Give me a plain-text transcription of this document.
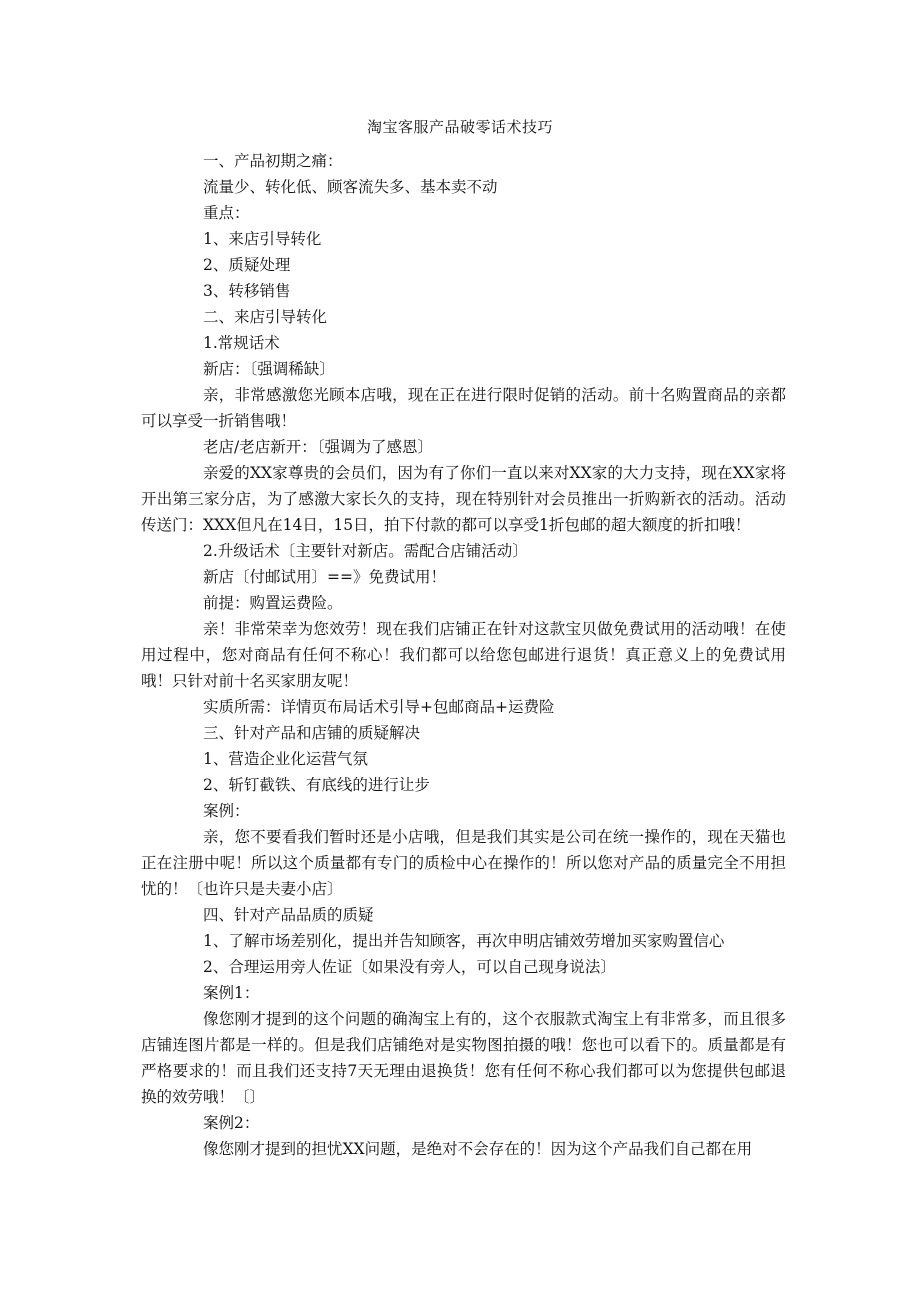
淘宝客服产品破零话术技巧
一、产品初期之痛：
流量少、转化低、顾客流失多、基本卖不动
重点：
1、来店引导转化
2、质疑处理
3、转移销售
二、来店引导转化
1.常规话术
新店：〔强调稀缺〕
亲，非常感激您光顾本店哦，现在正在进行限时促销的活动。前十名购置商品的亲都可以享受一折销售哦！
老店/老店新开：〔强调为了感恩〕
亲爱的XX家尊贵的会员们，因为有了你们一直以来对XX家的大力支持，现在XX家将开出第三家分店，为了感激大家长久的支持，现在特别针对会员推出一折购新衣的活动。活动传送门：XXX但凡在14日，15日，拍下付款的都可以享受1折包邮的超大额度的折扣哦！
2.升级话术〔主要针对新店。需配合店铺活动〕
新店〔付邮试用〕==》免费试用！
前提：购置运费险。
亲！非常荣幸为您效劳！现在我们店铺正在针对这款宝贝做免费试用的活动哦！在使用过程中，您对商品有任何不称心！我们都可以给您包邮进行退货！真正意义上的免费试用哦！只针对前十名买家朋友呢！
实质所需：详情页布局话术引导+包邮商品+运费险
三、针对产品和店铺的质疑解决
1、营造企业化运营气氛
2、斩钉截铁、有底线的进行让步
案例：
亲，您不要看我们暂时还是小店哦，但是我们其实是公司在统一操作的，现在天猫也正在注册中呢！所以这个质量都有专门的质检中心在操作的！所以您对产品的质量完全不用担忧的！〔也许只是夫妻小店〕
四、针对产品品质的质疑
1、了解市场差别化，提出并告知顾客，再次申明店铺效劳增加买家购置信心
2、合理运用旁人佐证〔如果没有旁人，可以自己现身说法〕
案例1：
像您刚才提到的这个问题的确淘宝上有的，这个衣服款式淘宝上有非常多，而且很多店铺连图片都是一样的。但是我们店铺绝对是实物图拍摄的哦！您也可以看下的。质量都是有严格要求的！而且我们还支持7天无理由退换货！您有任何不称心我们都可以为您提供包邮退换的效劳哦！〔〕
案例2：
像您刚才提到的担忧XX问题，是绝对不会存在的！因为这个产品我们自己都在用
